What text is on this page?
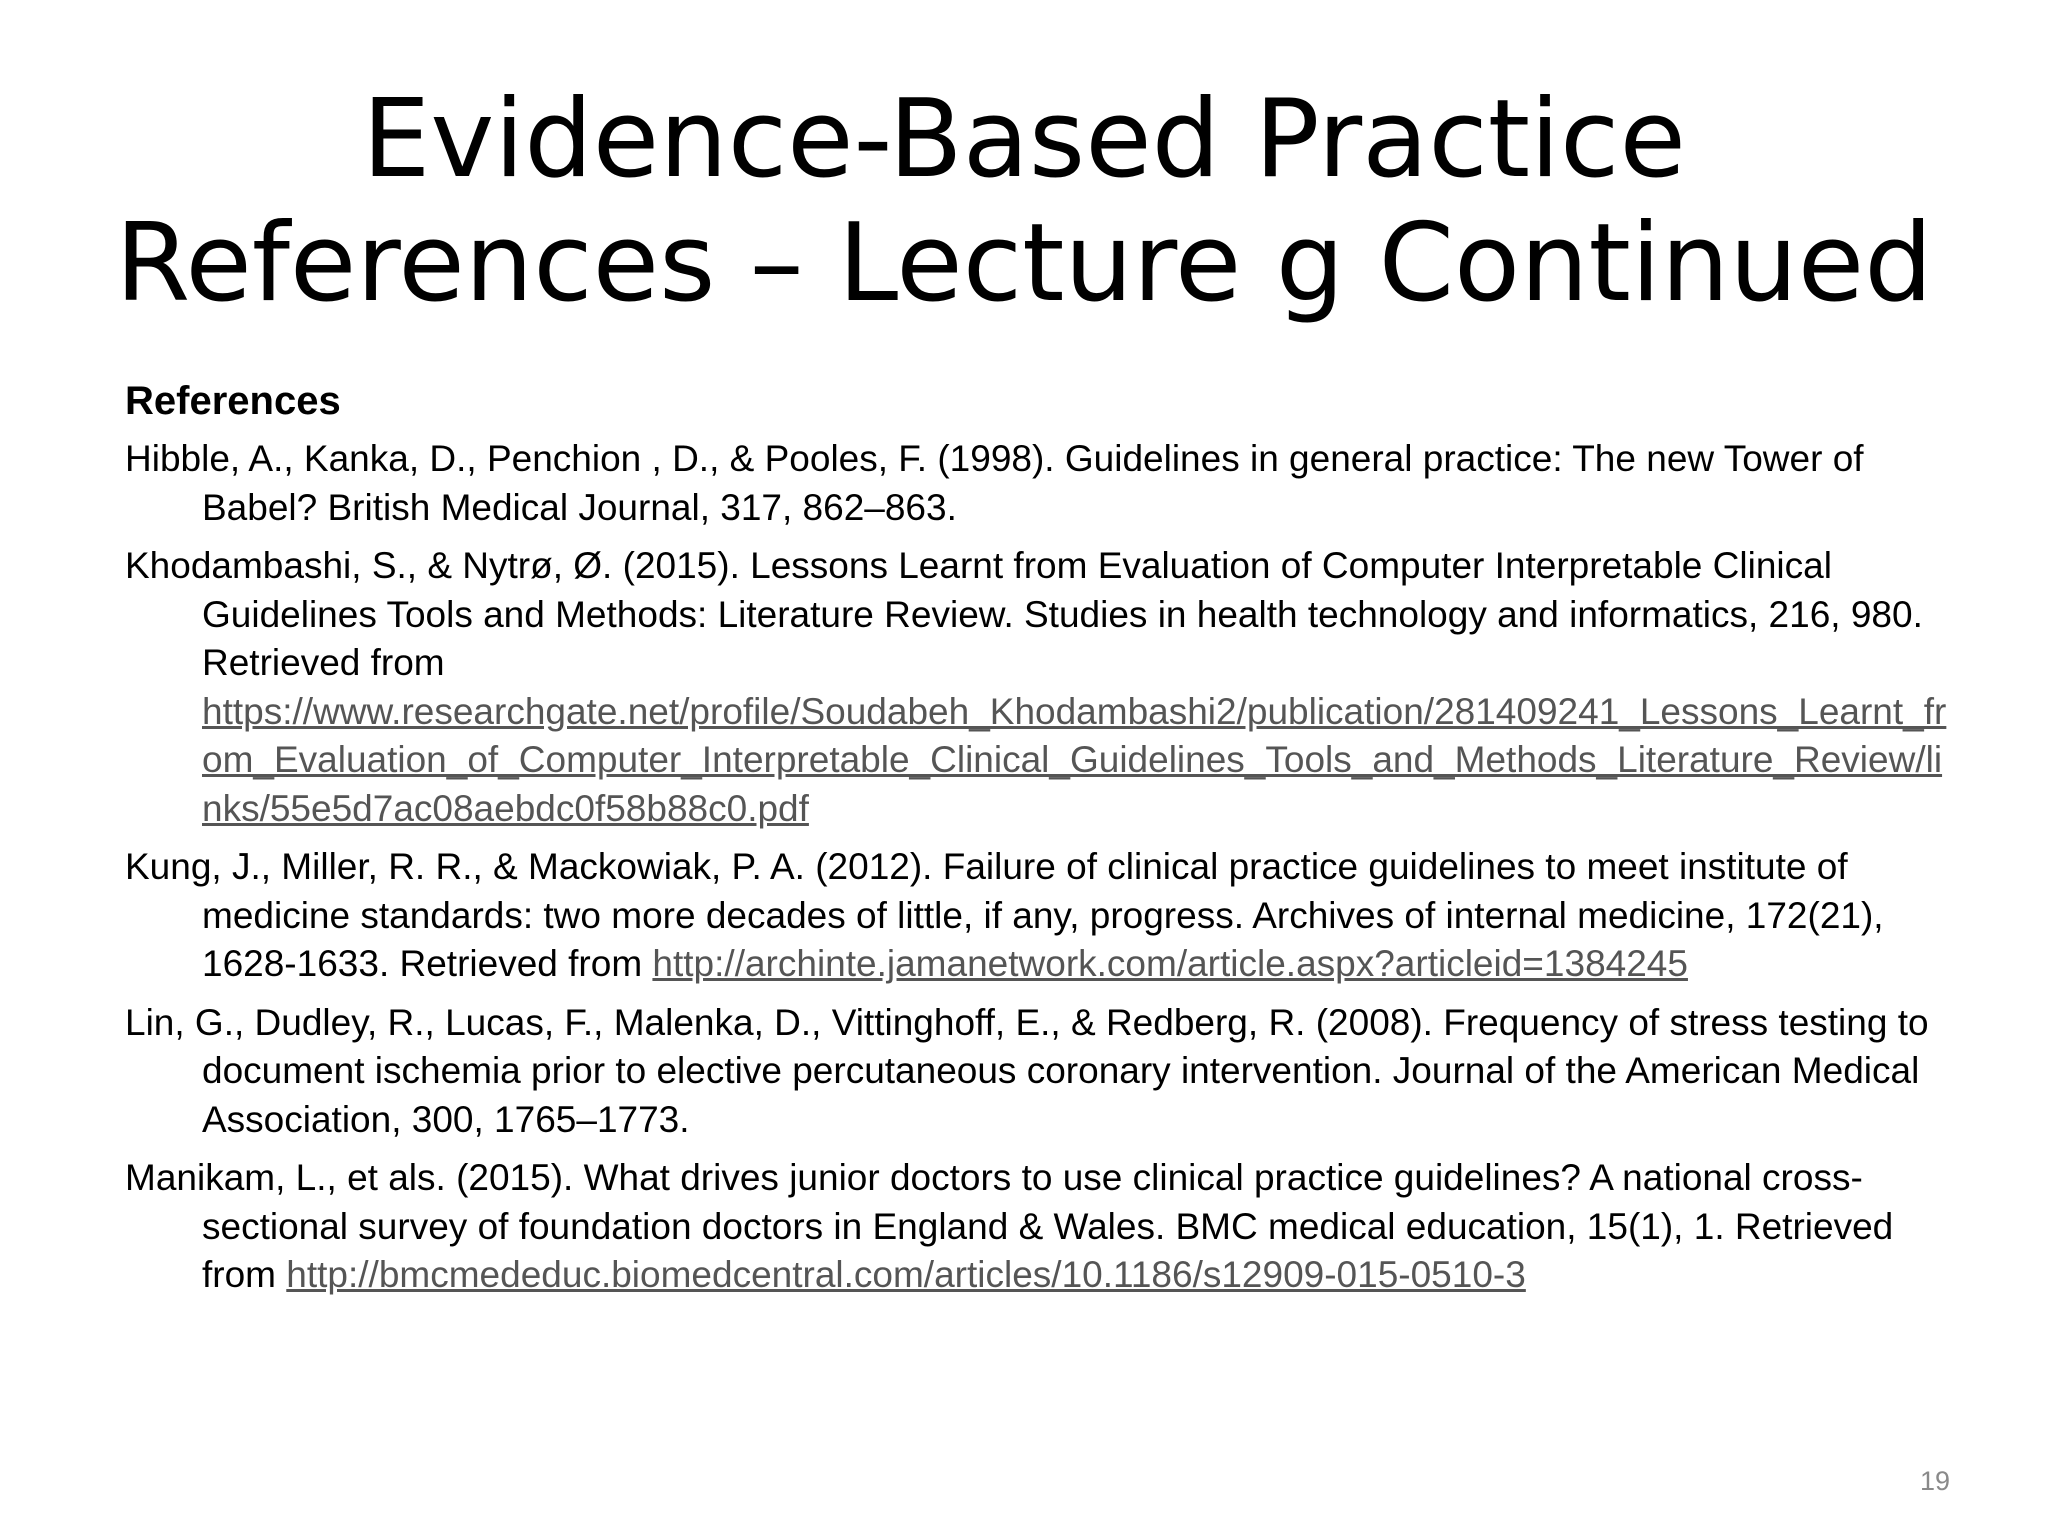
Evidence-Based Practice
References – Lecture g Continued
References
Hibble, A., Kanka, D., Penchion , D., & Pooles, F. (1998). Guidelines in general practice: The new Tower of Babel? British Medical Journal, 317, 862–863.
Khodambashi, S., & Nytrø, Ø. (2015). Lessons Learnt from Evaluation of Computer Interpretable Clinical Guidelines Tools and Methods: Literature Review. Studies in health technology and informatics, 216, 980. Retrieved from
https://www.researchgate.net/profile/Soudabeh_Khodambashi2/publication/281409241_Lessons_Learnt_from_Evaluation_of_Computer_Interpretable_Clinical_Guidelines_Tools_and_Methods_Literature_Review/links/55e5d7ac08aebdc0f58b88c0.pdf
Kung, J., Miller, R. R., & Mackowiak, P. A. (2012). Failure of clinical practice guidelines to meet institute of medicine standards: two more decades of little, if any, progress. Archives of internal medicine, 172(21), 1628-1633. Retrieved from http://archinte.jamanetwork.com/article.aspx?articleid=1384245
Lin, G., Dudley, R., Lucas, F., Malenka, D., Vittinghoff, E., & Redberg, R. (2008). Frequency of stress testing to document ischemia prior to elective percutaneous coronary intervention. Journal of the American Medical Association, 300, 1765–1773.
Manikam, L., et als. (2015). What drives junior doctors to use clinical practice guidelines? A national cross-sectional survey of foundation doctors in England & Wales. BMC medical education, 15(1), 1. Retrieved from http://bmcmededuc.biomedcentral.com/articles/10.1186/s12909-015-0510-3
19
